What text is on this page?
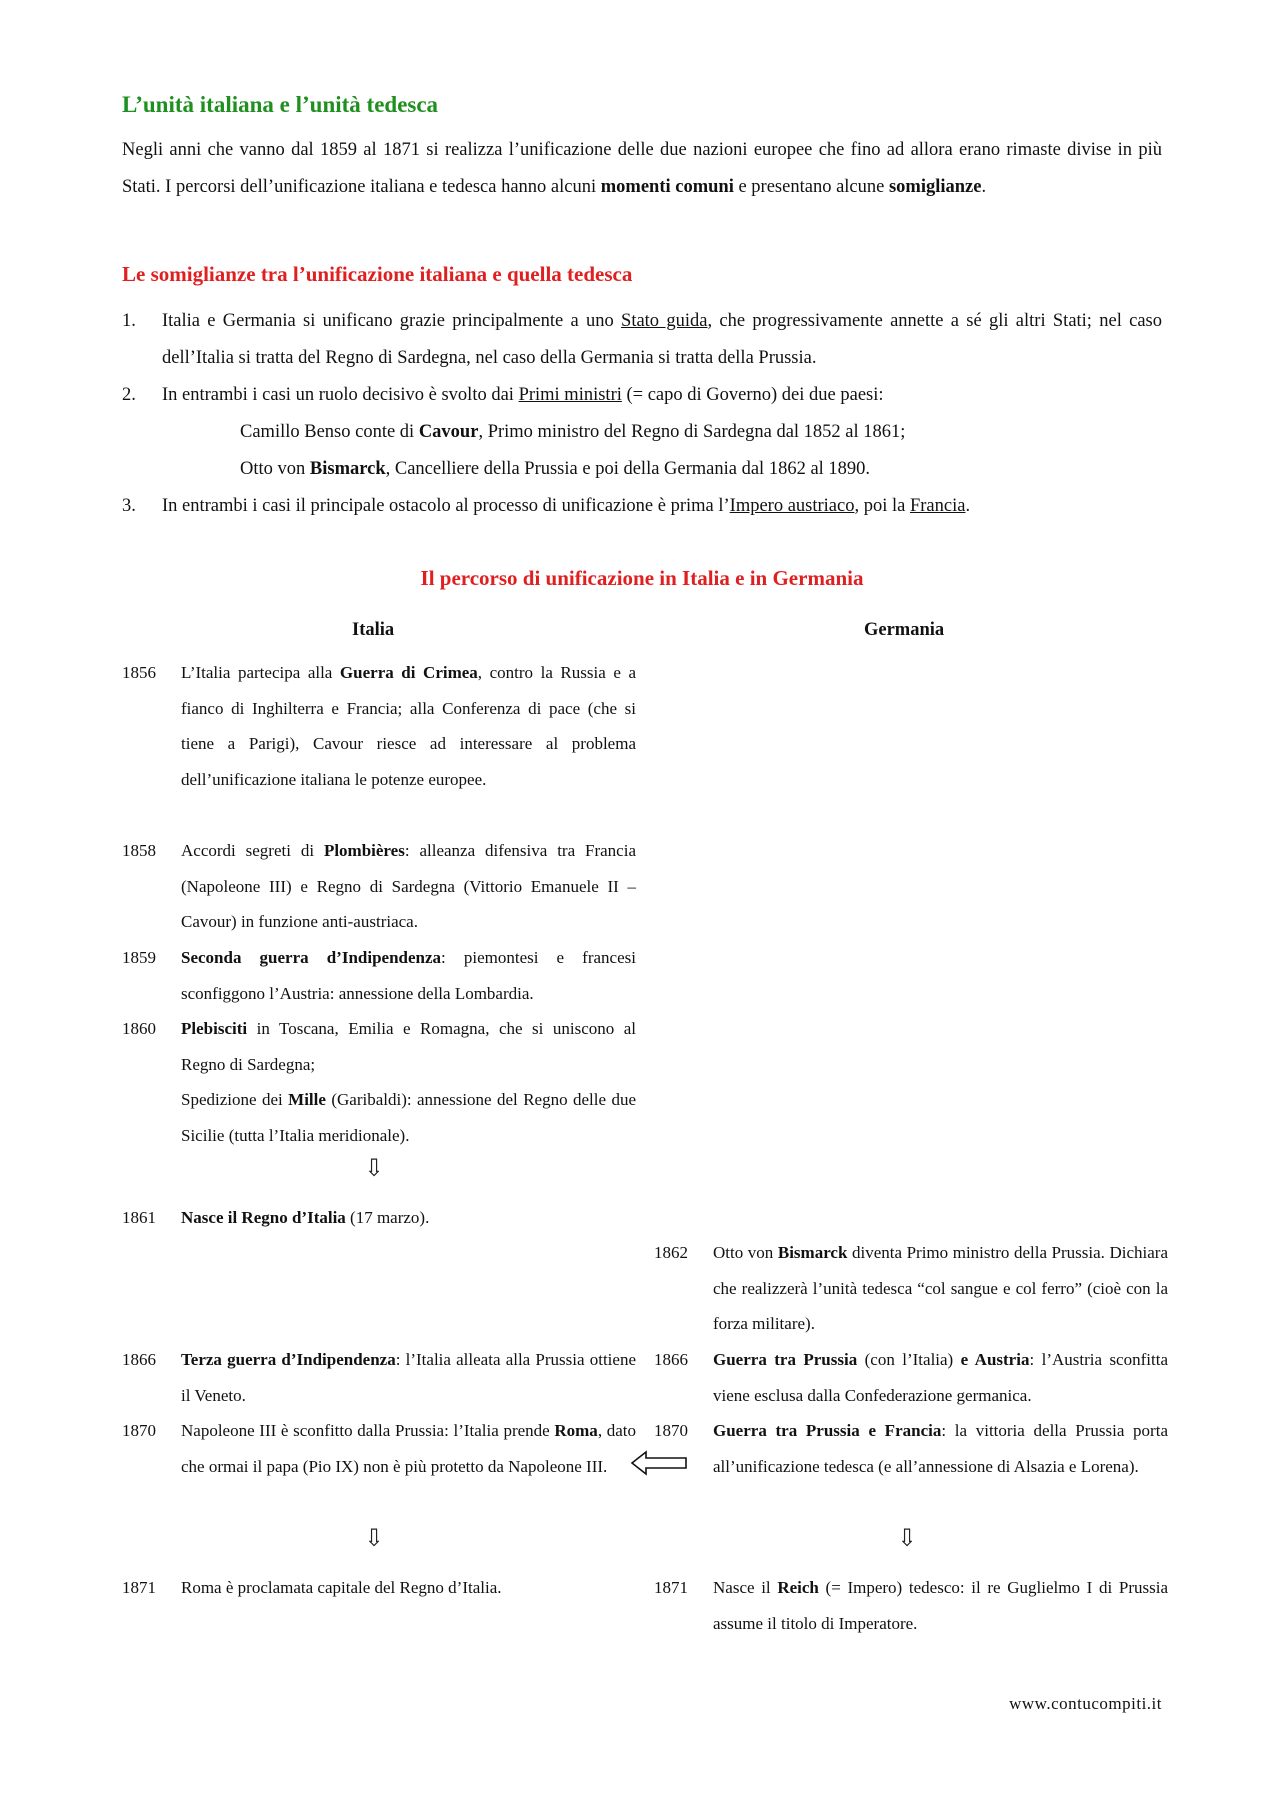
L’unità italiana e l’unità tedesca

Negli anni che vanno dal 1859 al 1871 si realizza l’unificazione delle due nazioni europee che fino ad allora erano rimaste divise in più Stati. I percorsi dell’unificazione italiana e tedesca hanno alcuni momenti comuni e presentano alcune somiglianze.

Le somiglianze tra l’unificazione italiana e quella tedesca
1. Italia e Germania si unificano grazie principalmente a uno Stato guida, che progressivamente annette a sé gli altri Stati; nel caso dell’Italia si tratta del Regno di Sardegna, nel caso della Germania si tratta della Prussia.
2. In entrambi i casi un ruolo decisivo è svolto dai Primi ministri (= capo di Governo) dei due paesi:
Camillo Benso conte di Cavour, Primo ministro del Regno di Sardegna dal 1852 al 1861;
Otto von Bismarck, Cancelliere della Prussia e poi della Germania dal 1862 al 1890.
3. In entrambi i casi il principale ostacolo al processo di unificazione è prima l’Impero austriaco, poi la Francia.
Il percorso di unificazione in Italia e in Germania
Italia	Germania
1856 L’Italia partecipa alla Guerra di Crimea, contro la Russia e a fianco di Inghilterra e Francia; alla Conferenza di pace (che si tiene a Parigi), Cavour riesce ad interessare al problema dell’unificazione italiana le potenze europee.
1858 Accordi segreti di Plombières: alleanza difensiva tra Francia (Napoleone III) e Regno di Sardegna (Vittorio Emanuele II – Cavour) in funzione anti-austriaca.
1859 Seconda guerra d’Indipendenza: piemontesi e francesi sconfiggono l’Austria: annessione della Lombardia.
1860 Plebisciti in Toscana, Emilia e Romagna, che si uniscono al Regno di Sardegna;
Spedizione dei Mille (Garibaldi): annessione del Regno delle due Sicilie (tutta l’Italia meridionale).
⇩
1861 Nasce il Regno d’Italia (17 marzo).
1866 Terza guerra d’Indipendenza: l’Italia alleata alla Prussia ottiene il Veneto.
1870 Napoleone III è sconfitto dalla Prussia: l’Italia prende Roma, dato che ormai il papa (Pio IX) non è più protetto da Napoleone III.
⇩
1871 Roma è proclamata capitale del Regno d’Italia.
1862 Otto von Bismarck diventa Primo ministro della Prussia. Dichiara che realizzerà l’unità tedesca “col sangue e col ferro” (cioè con la forza militare).
1866 Guerra tra Prussia (con l’Italia) e Austria: l’Austria sconfitta viene esclusa dalla Confederazione germanica.
1870 Guerra tra Prussia e Francia: la vittoria della Prussia porta all’unificazione tedesca (e all’annessione di Alsazia e Lorena).
⇩
1871 Nasce il Reich (= Impero) tedesco: il re Guglielmo I di Prussia assume il titolo di Imperatore.
www.contucompiti.it
